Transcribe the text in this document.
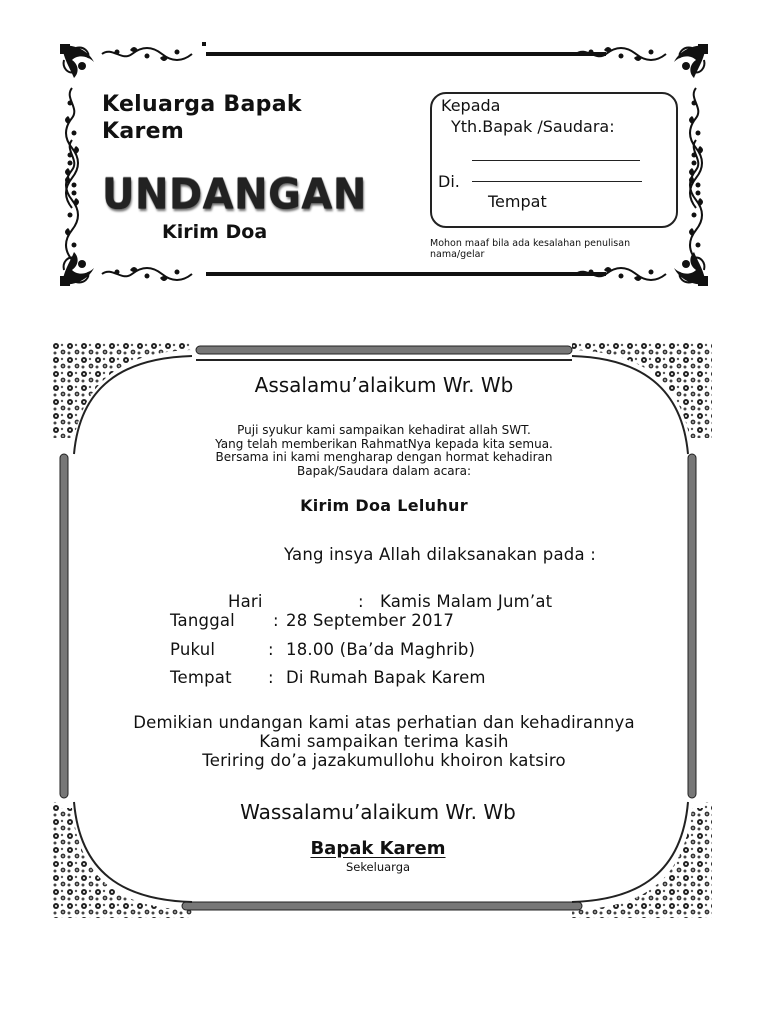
Keluarga Bapak Karem
UNDANGAN
Kirim Doa
Kepada
Yth.Bapak /Saudara:
Di.
Tempat
Mohon maaf bila ada kesalahan penulisan nama/gelar
Assalamu’alaikum Wr. Wb
Puji syukur kami sampaikan kehadirat allah SWT.
Yang telah memberikan RahmatNya kepada kita semua.
Bersama ini kami mengharap dengan hormat kehadiran
Bapak/Saudara dalam acara:
Kirim Doa Leluhur
Yang insya Allah dilaksanakan pada :
Hari	: Kamis Malam Jum’at
Tanggal : 28 September 2017
Pukul	: 18.00 (Ba’da Maghrib)
Tempat : Di Rumah Bapak Karem
Demikian undangan kami atas perhatian dan kehadirannya
Kami sampaikan terima kasih
Teriring do’a jazakumullohu khoiron katsiro
Wassalamu’alaikum Wr. Wb
Bapak Karem
Sekeluarga
